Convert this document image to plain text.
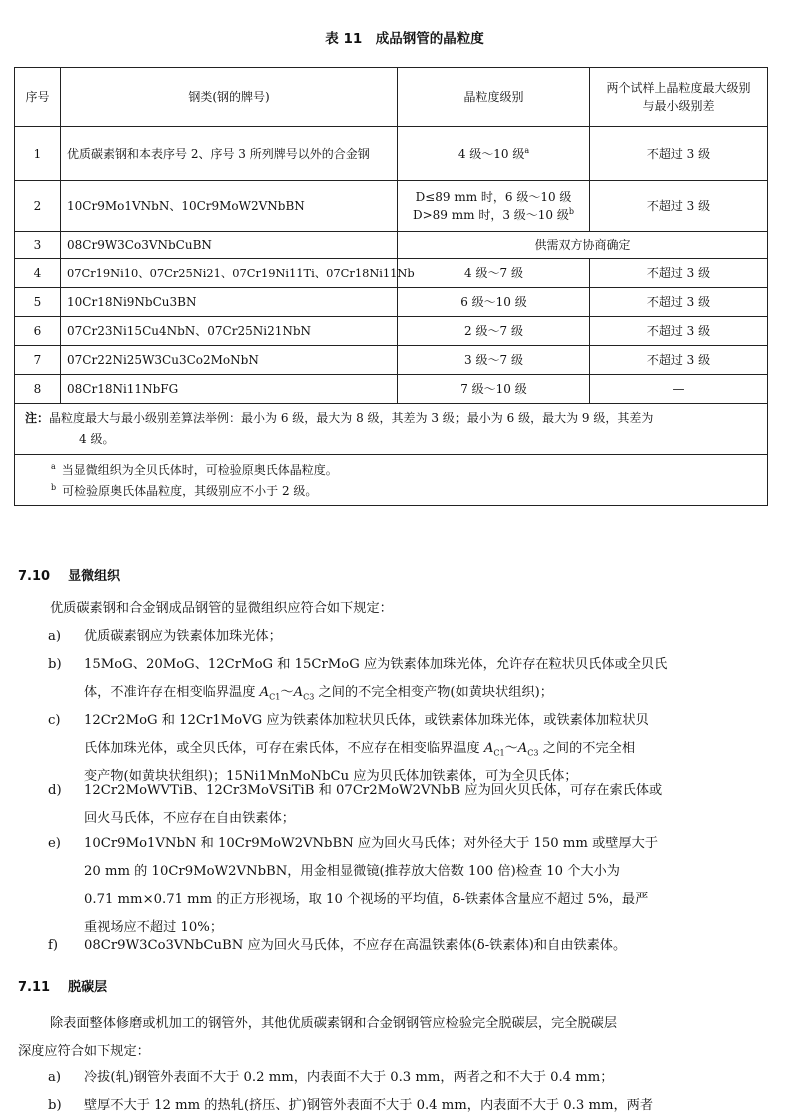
表 11　成品钢管的晶粒度
序号	钢类(钢的牌号)	晶粒度级别	两个试样上晶粒度最大级别与最小级别差
1	优质碳素钢和本表序号 2、序号 3 所列牌号以外的合金钢	4 级～10 级$^a$	不超过 3 级
2	10Cr9Mo1VNbN、10Cr9MoW2VNbBN	D≤89 mm 时，6 级～10 级
D>89 mm 时，3 级～10 级$^b$	不超过 3 级
3	08Cr9W3Co3VNbCuBN	供需双方协商确定	
4	07Cr19Ni10、07Cr25Ni21、07Cr19Ni11Ti、07Cr18Ni11Nb	4 级～7 级	不超过 3 级
5	10Cr18Ni9NbCu3BN	6 级～10 级	不超过 3 级
6	07Cr23Ni15Cu4NbN、07Cr25Ni21NbN	2 级～7 级	不超过 3 级
7	07Cr22Ni25W3Cu3Co2MoNbN	3 级～7 级	不超过 3 级
8	08Cr18Ni11NbFG	7 级～10 级	—

注：晶粒度最大与最小级别差算法举例：最小为 6 级，最大为 8 级，其差为 3 级；最小为 6 级，最大为 9 级，其差为
4 级。			

$^a$ 当显微组织为全贝氏体时，可检验原奥氏体晶粒度。
$^b$ 可检验原奥氏体晶粒度，其级别应不小于 2 级。			
7.10 显微组织
优质碳素钢和合金钢成品钢管的显微组织应符合如下规定：
a) 优质碳素钢应为铁素体加珠光体；
b) 15MoG、20MoG、12CrMoG 和 15CrMoG 应为铁素体加珠光体，允许存在粒状贝氏体或全贝氏
体，不准许存在相变临界温度 $A_{C1}\sim A_{C3}$ 之间的不完全相变产物(如黄块状组织)；
c) 12Cr2MoG 和 12Cr1MoVG 应为铁素体加粒状贝氏体，或铁素体加珠光体，或铁素体加粒状贝
氏体加珠光体，或全贝氏体，可存在索氏体，不应存在相变临界温度 $A_{C1}\sim A_{C3}$ 之间的不完全相
变产物(如黄块状组织)；15Ni1MnMoNbCu 应为贝氏体加铁素体，可为全贝氏体；
d) 12Cr2MoWVTiB、12Cr3MoVSiTiB 和 07Cr2MoW2VNbB 应为回火贝氏体，可存在索氏体或
回火马氏体，不应存在自由铁素体；
e) 10Cr9Mo1VNbN 和 10Cr9MoW2VNbBN 应为回火马氏体；对外径大于 150 mm 或壁厚大于
20 mm 的 10Cr9MoW2VNbBN，用金相显微镜(推荐放大倍数 100 倍)检查 10 个大小为
0.71 mm×0.71 mm 的正方形视场，取 10 个视场的平均值，δ-铁素体含量应不超过 5%，最严
重视场应不超过 10%；
f) 08Cr9W3Co3VNbCuBN 应为回火马氏体，不应存在高温铁素体(δ-铁素体)和自由铁素体。
7.11 脱碳层
除表面整体修磨或机加工的钢管外，其他优质碳素钢和合金钢钢管应检验完全脱碳层，完全脱碳层
深度应符合如下规定：
a) 冷拔(轧)钢管外表面不大于 0.2 mm，内表面不大于 0.3 mm，两者之和不大于 0.4 mm；
b) 壁厚不大于 12 mm 的热轧(挤压、扩)钢管外表面不大于 0.4 mm，内表面不大于 0.3 mm，两者
